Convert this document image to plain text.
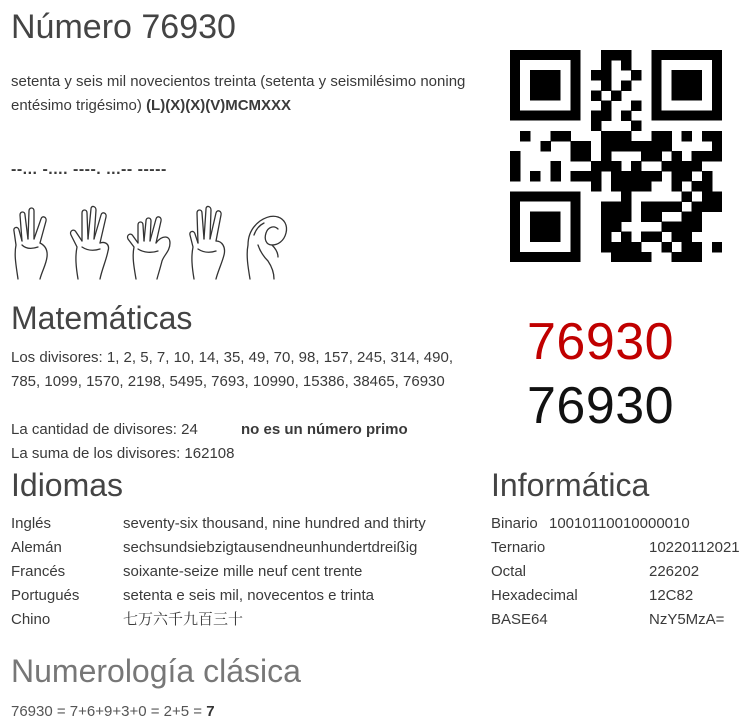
Número 76930
setenta y seis mil novecientos treinta (setenta y seismilésimo noningentésimo trigésimo) (L)(X)(X)(V)MCMXXX
--... -.... ----. ...-- -----
76930
76930
Matemáticas
Los divisores: 1, 2, 5, 7, 10, 14, 35, 49, 70, 98, 157, 245, 314, 490, 785, 1099, 1570, 2198, 5495, 7693, 10990, 15386, 38465, 76930
La cantidad de divisores: 24	no es un número primo
La suma de los divisores: 162108
Idiomas
Inglés	seventy-six thousand, nine hundred and thirty
Alemán	sechsundsiebzigtausendneunhundertdreißig
Francés	soixante-seize mille neuf cent trente
Portugués	setenta e seis mil, novecentos e trinta
Chino	七万六千九百三十
Informática
Binario 10010110010000010
Ternario	10220112021
Octal	226202
Hexadecimal	12C82
BASE64	NzY5MzA=
Numerología clásica
76930 = 7+6+9+3+0 = 2+5 = 7
